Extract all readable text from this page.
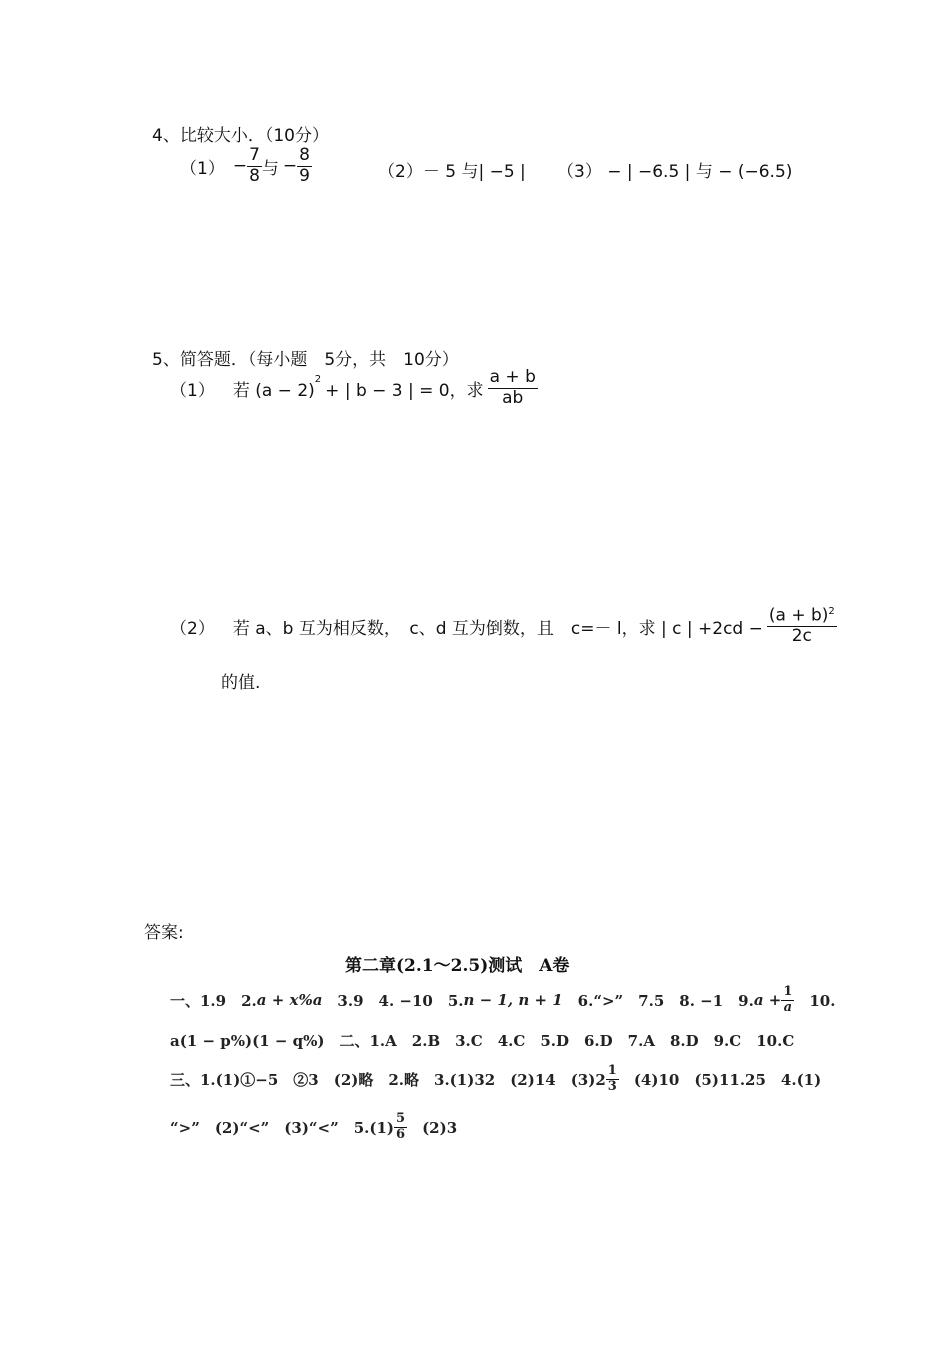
4、比较大小．（10分）
$(1) - \frac{7}{8}$ 与 − $\frac{8}{9}$	（2）－ 5 与| −5 | （3） − | −6.5 | 与 − (−6.5)
5、简答题．（每小题　5分，共　10分）
（1） 若 (a − 2)
$^2$
+ | b − 3 | = 0，求 $\frac{a + b}{ab}$
（2） 若 a、b 互为相反数，　c、d 互为倒数，且　c=－ l，求 | c | $+2cd - \frac{(a + b)^2}{2c}$
的值.
答案:
第二章(2.1～2.5)测试　A卷
一、1.9　2. a + x%a 　3.9　4. −10　5. n − 1, n + 1 　6.“>”　7.5　8. −1　9. $a + \frac{1}{a}$ 　10.
a(1 − p%)(1 − q%)　二、1.A　2.B　3.C　4.C　5.D　6.D　7.A　8.D　9.C　10.C
三、1.(1)①−5　②3　(2)略　2.略　3.(1)32　(2)14　$(3)2 \frac{1}{3}$ 　(4)10　(5)11.25　4.(1)
“>”　(2)“<”　(3)“<”　$5.(1) \frac{5}{6}$ 　(2)3
